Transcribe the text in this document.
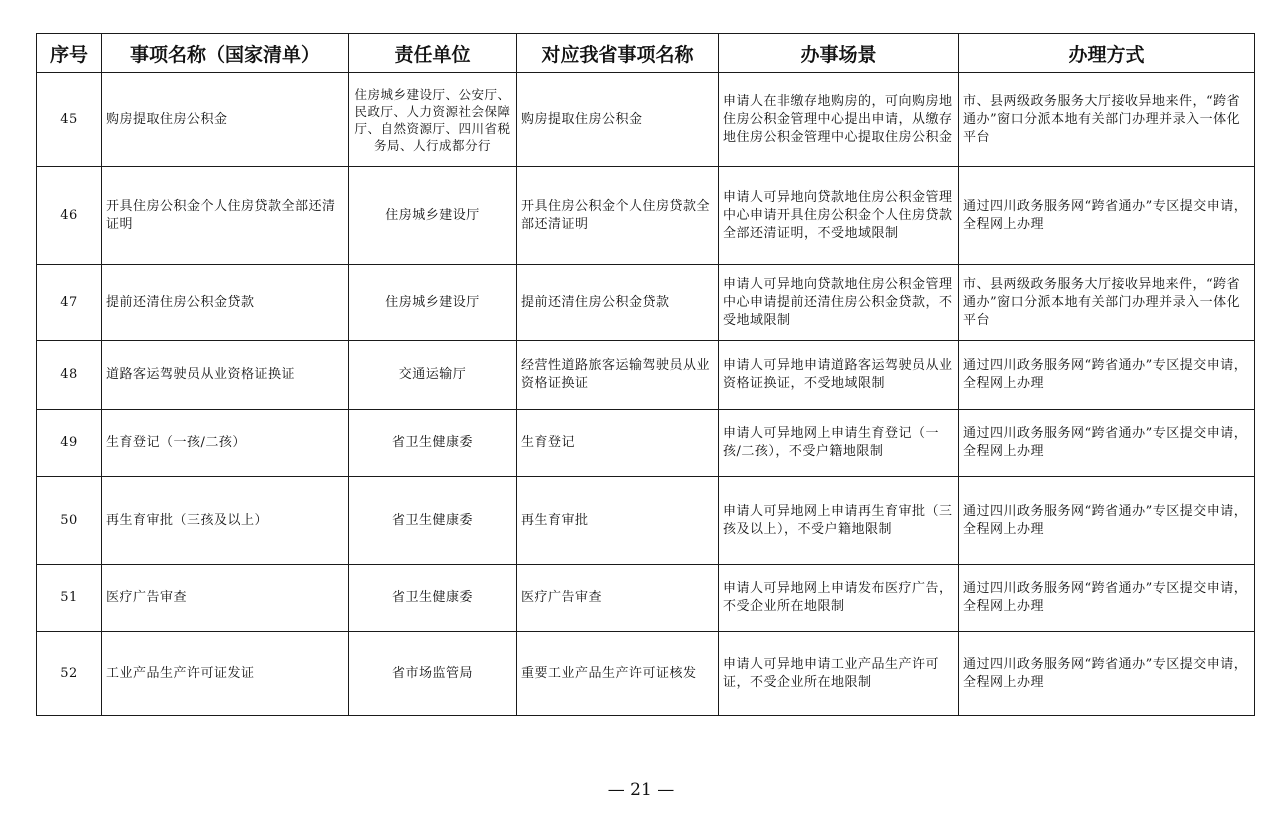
序号	事项名称（国家清单）	责任单位	对应我省事项名称	办事场景	办理方式
45	购房提取住房公积金	住房城乡建设厅、公安厅、民政厅、人力资源社会保障厅、自然资源厅、四川省税务局、人行成都分行	购房提取住房公积金	申请人在非缴存地购房的，可向购房地住房公积金管理中心提出申请，从缴存地住房公积金管理中心提取住房公积金	市、县两级政务服务大厅接收异地来件，“跨省通办”窗口分派本地有关部门办理并录入一体化平台
46	开具住房公积金个人住房贷款全部还清证明	住房城乡建设厅	开具住房公积金个人住房贷款全部还清证明	申请人可异地向贷款地住房公积金管理中心申请开具住房公积金个人住房贷款全部还清证明，不受地域限制	通过四川政务服务网“跨省通办”专区提交申请，全程网上办理
47	提前还清住房公积金贷款	住房城乡建设厅	提前还清住房公积金贷款	申请人可异地向贷款地住房公积金管理中心申请提前还清住房公积金贷款，不受地域限制	市、县两级政务服务大厅接收异地来件，“跨省通办”窗口分派本地有关部门办理并录入一体化平台
48	道路客运驾驶员从业资格证换证	交通运输厅	经营性道路旅客运输驾驶员从业资格证换证	申请人可异地申请道路客运驾驶员从业资格证换证，不受地域限制	通过四川政务服务网“跨省通办”专区提交申请，全程网上办理
49	生育登记（一孩/二孩）	省卫生健康委	生育登记	申请人可异地网上申请生育登记（一孩/二孩），不受户籍地限制	通过四川政务服务网“跨省通办”专区提交申请，全程网上办理
50	再生育审批（三孩及以上）	省卫生健康委	再生育审批	申请人可异地网上申请再生育审批（三孩及以上），不受户籍地限制	通过四川政务服务网“跨省通办”专区提交申请，全程网上办理
51	医疗广告审查	省卫生健康委	医疗广告审查	申请人可异地网上申请发布医疗广告，不受企业所在地限制	通过四川政务服务网“跨省通办”专区提交申请，全程网上办理
52	工业产品生产许可证发证	省市场监管局	重要工业产品生产许可证核发	申请人可异地申请工业产品生产许可证，不受企业所在地限制	通过四川政务服务网“跨省通办”专区提交申请，全程网上办理
— 21 —
